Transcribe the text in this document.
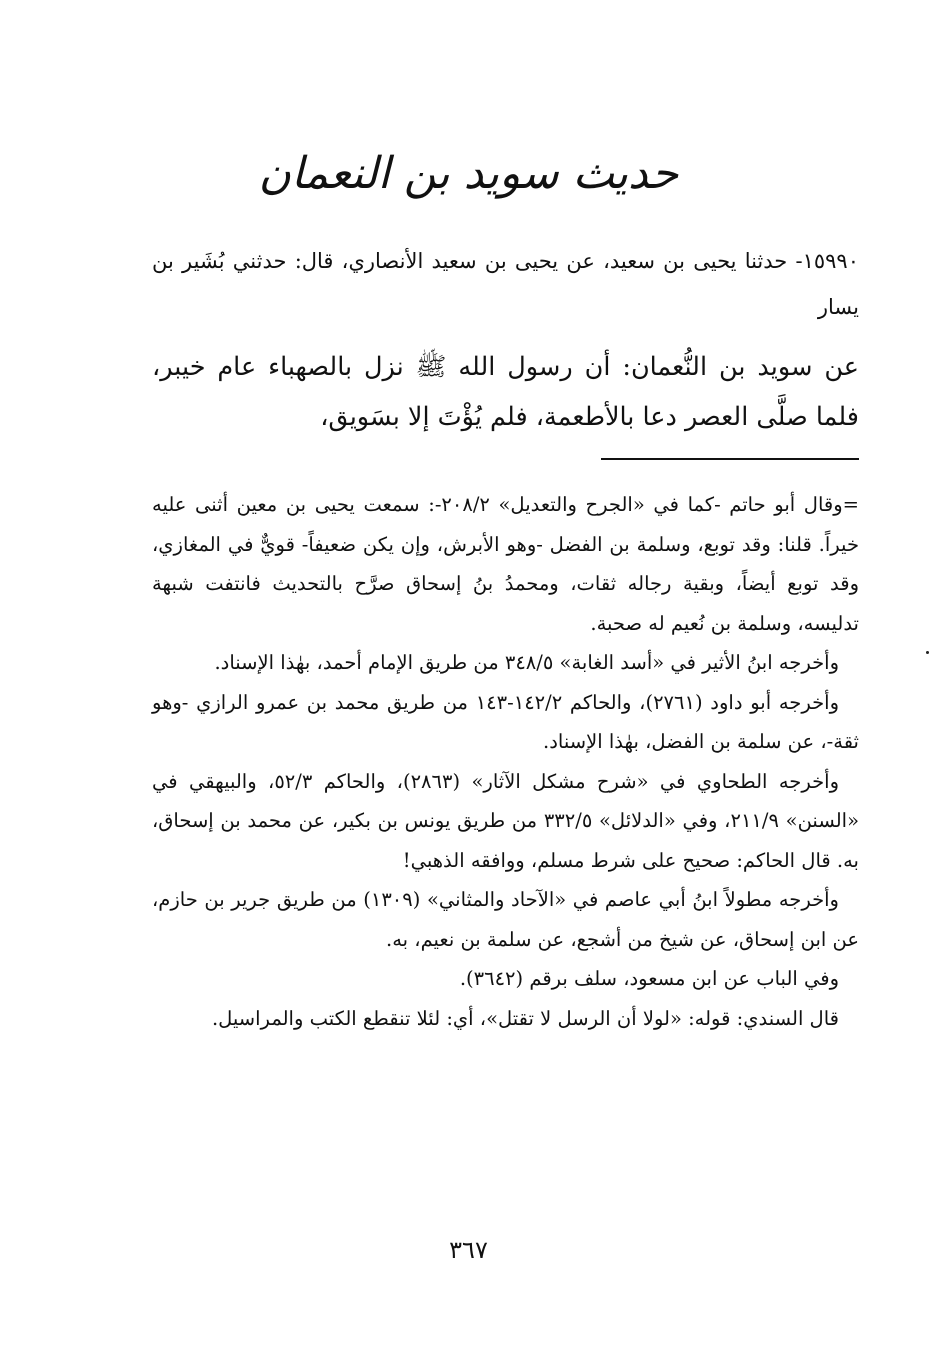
حديث سويد بن النعمان
١٥٩٩٠- حدثنا يحيى بن سعيد، عن يحيى بن سعيد الأنصاري، قال: حدثني بُشَير بن يسار
عن سويد بن النُّعمان: أن رسول الله ﷺ نزل بالصهباء عام خيبر، فلما صلَّى العصر دعا بالأطعمة، فلم يُؤْتَ إلا بسَويق،

=وقال أبو حاتم -كما في «الجرح والتعديل» ٢٠٨/٢-: سمعت يحيى بن معين أثنى عليه خيراً. قلنا: وقد توبع، وسلمة بن الفضل -وهو الأبرش، وإن يكن ضعيفاً- قويٌّ في المغازي، وقد توبع أيضاً، وبقية رجاله ثقات، ومحمدُ بنُ إسحاق صرَّح بالتحديث فانتفت شبهة تدليسه، وسلمة بن نُعيم له صحبة.

وأخرجه ابنُ الأثير في «أسد الغابة» ٣٤٨/٥ من طريق الإمام أحمد، بهٰذا الإسناد.

وأخرجه أبو داود (٢٧٦١)، والحاكم ١٤٢/٢-١٤٣ من طريق محمد بن عمرو الرازي -وهو ثقة-، عن سلمة بن الفضل، بهٰذا الإسناد.

وأخرجه الطحاوي في «شرح مشكل الآثار» (٢٨٦٣)، والحاكم ٥٢/٣، والبيهقي في «السنن» ٢١١/٩، وفي «الدلائل» ٣٣٢/٥ من طريق يونس بن بكير، عن محمد بن إسحاق، به. قال الحاكم: صحيح على شرط مسلم، ووافقه الذهبي!

وأخرجه مطولاً ابنُ أبي عاصم في «الآحاد والمثاني» (١٣٠٩) من طريق جرير بن حازم، عن ابن إسحاق، عن شيخ من أشجع، عن سلمة بن نعيم، به.

وفي الباب عن ابن مسعود، سلف برقم (٣٦٤٢).

قال السندي: قوله: «لولا أن الرسل لا تقتل»، أي: لئلا تنقطع الكتب والمراسيل.

٣٦٧
